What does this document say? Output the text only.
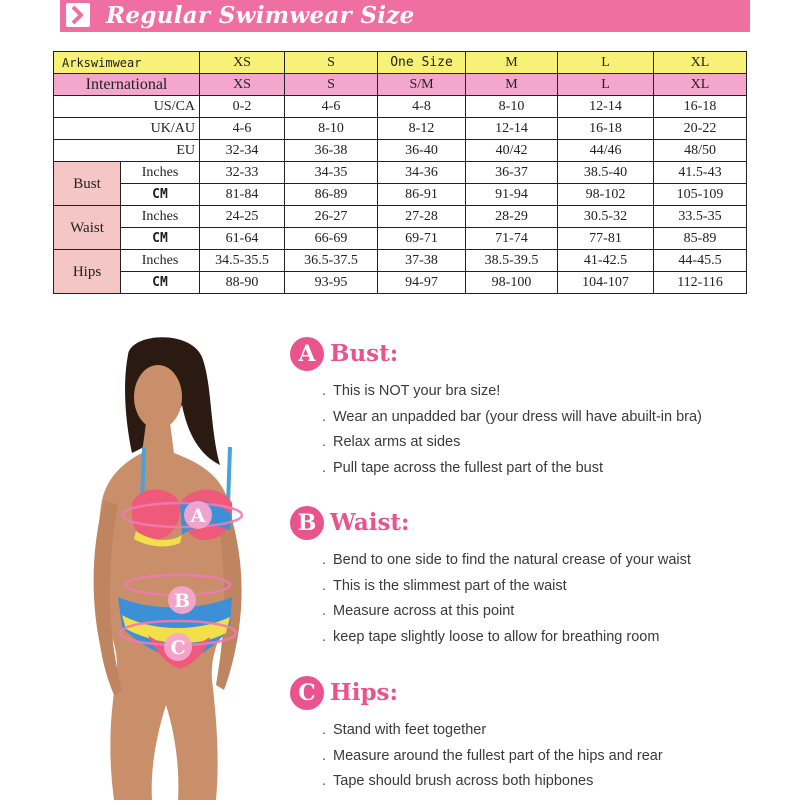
Regular Swimwear Size
Arkswimwear		XS	S	One Size	M	L	XL
International		XS	S	S/M	M	L	XL
US/CA		0-2	4-6	4-8	8-10	12-14	16-18
UK/AU		4-6	8-10	8-12	12-14	16-18	20-22
EU		32-34	36-38	36-40	40/42	44/46	48/50
Bust	Inches	32-33	34-35	34-36	36-37	38.5-40	41.5-43
	CM	81-84	86-89	86-91	91-94	98-102	105-109
Waist	Inches	24-25	26-27	27-28	28-29	30.5-32	33.5-35
	CM	61-64	66-69	69-71	71-74	77-81	85-89
Hips	Inches	34.5-35.5	36.5-37.5	37-38	38.5-39.5	41-42.5	44-45.5
	CM	88-90	93-95	94-97	98-100	104-107	112-116
A
B
C
A Bust:
. This is NOT your bra size!
. Wear an unpadded bar (your dress will have abuilt-in bra)
. Relax arms at sides
. Pull tape across the fullest part of the bust
B Waist:
. Bend to one side to find the natural crease of your waist
. This is the slimmest part of the waist
. Measure across at this point
. keep tape slightly loose to allow for breathing room
C Hips:
. Stand with feet together
. Measure around the fullest part of the hips and rear
. Tape should brush across both hipbones
